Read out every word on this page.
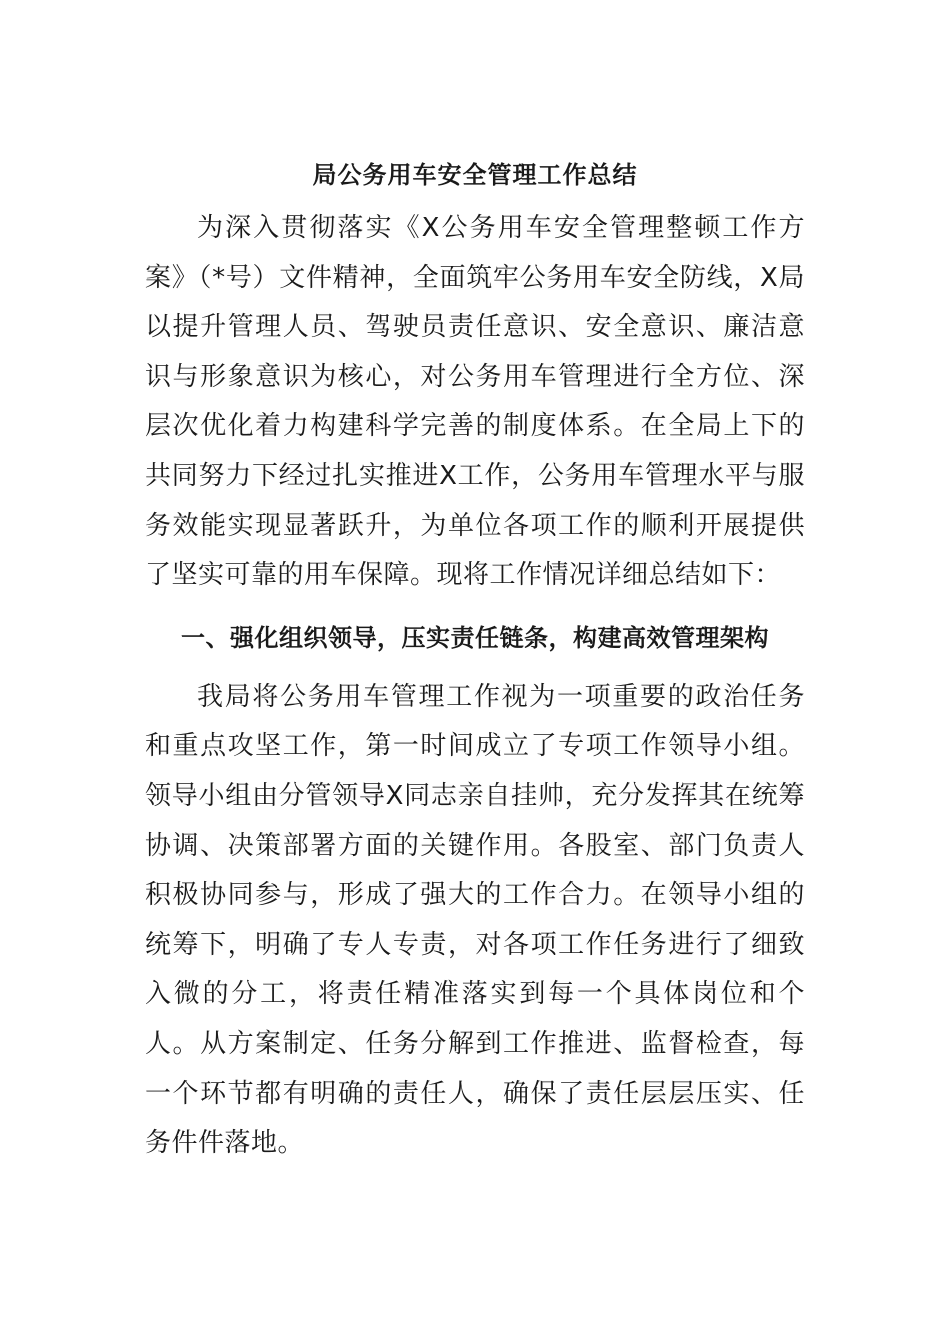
局公务用车安全管理工作总结

为深入贯彻落实《X公务用车安全管理整顿工作方案》（*号）文件精神，全面筑牢公务用车安全防线，X局以提升管理人员、驾驶员责任意识、安全意识、廉洁意识与形象意识为核心，对公务用车管理进行全方位、深层次优化着力构建科学完善的制度体系。在全局上下的共同努力下经过扎实推进X工作，公务用车管理水平与服务效能实现显著跃升，为单位各项工作的顺利开展提供了坚实可靠的用车保障。现将工作情况详细总结如下：

一、强化组织领导，压实责任链条，构建高效管理架构

我局将公务用车管理工作视为一项重要的政治任务和重点攻坚工作，第一时间成立了专项工作领导小组。领导小组由分管领导X同志亲自挂帅，充分发挥其在统筹协调、决策部署方面的关键作用。各股室、部门负责人积极协同参与，形成了强大的工作合力。在领导小组的统筹下，明确了专人专责，对各项工作任务进行了细致入微的分工，将责任精准落实到每一个具体岗位和个人。从方案制定、任务分解到工作推进、监督检查，每一个环节都有明确的责任人，确保了责任层层压实、任务件件落地。
